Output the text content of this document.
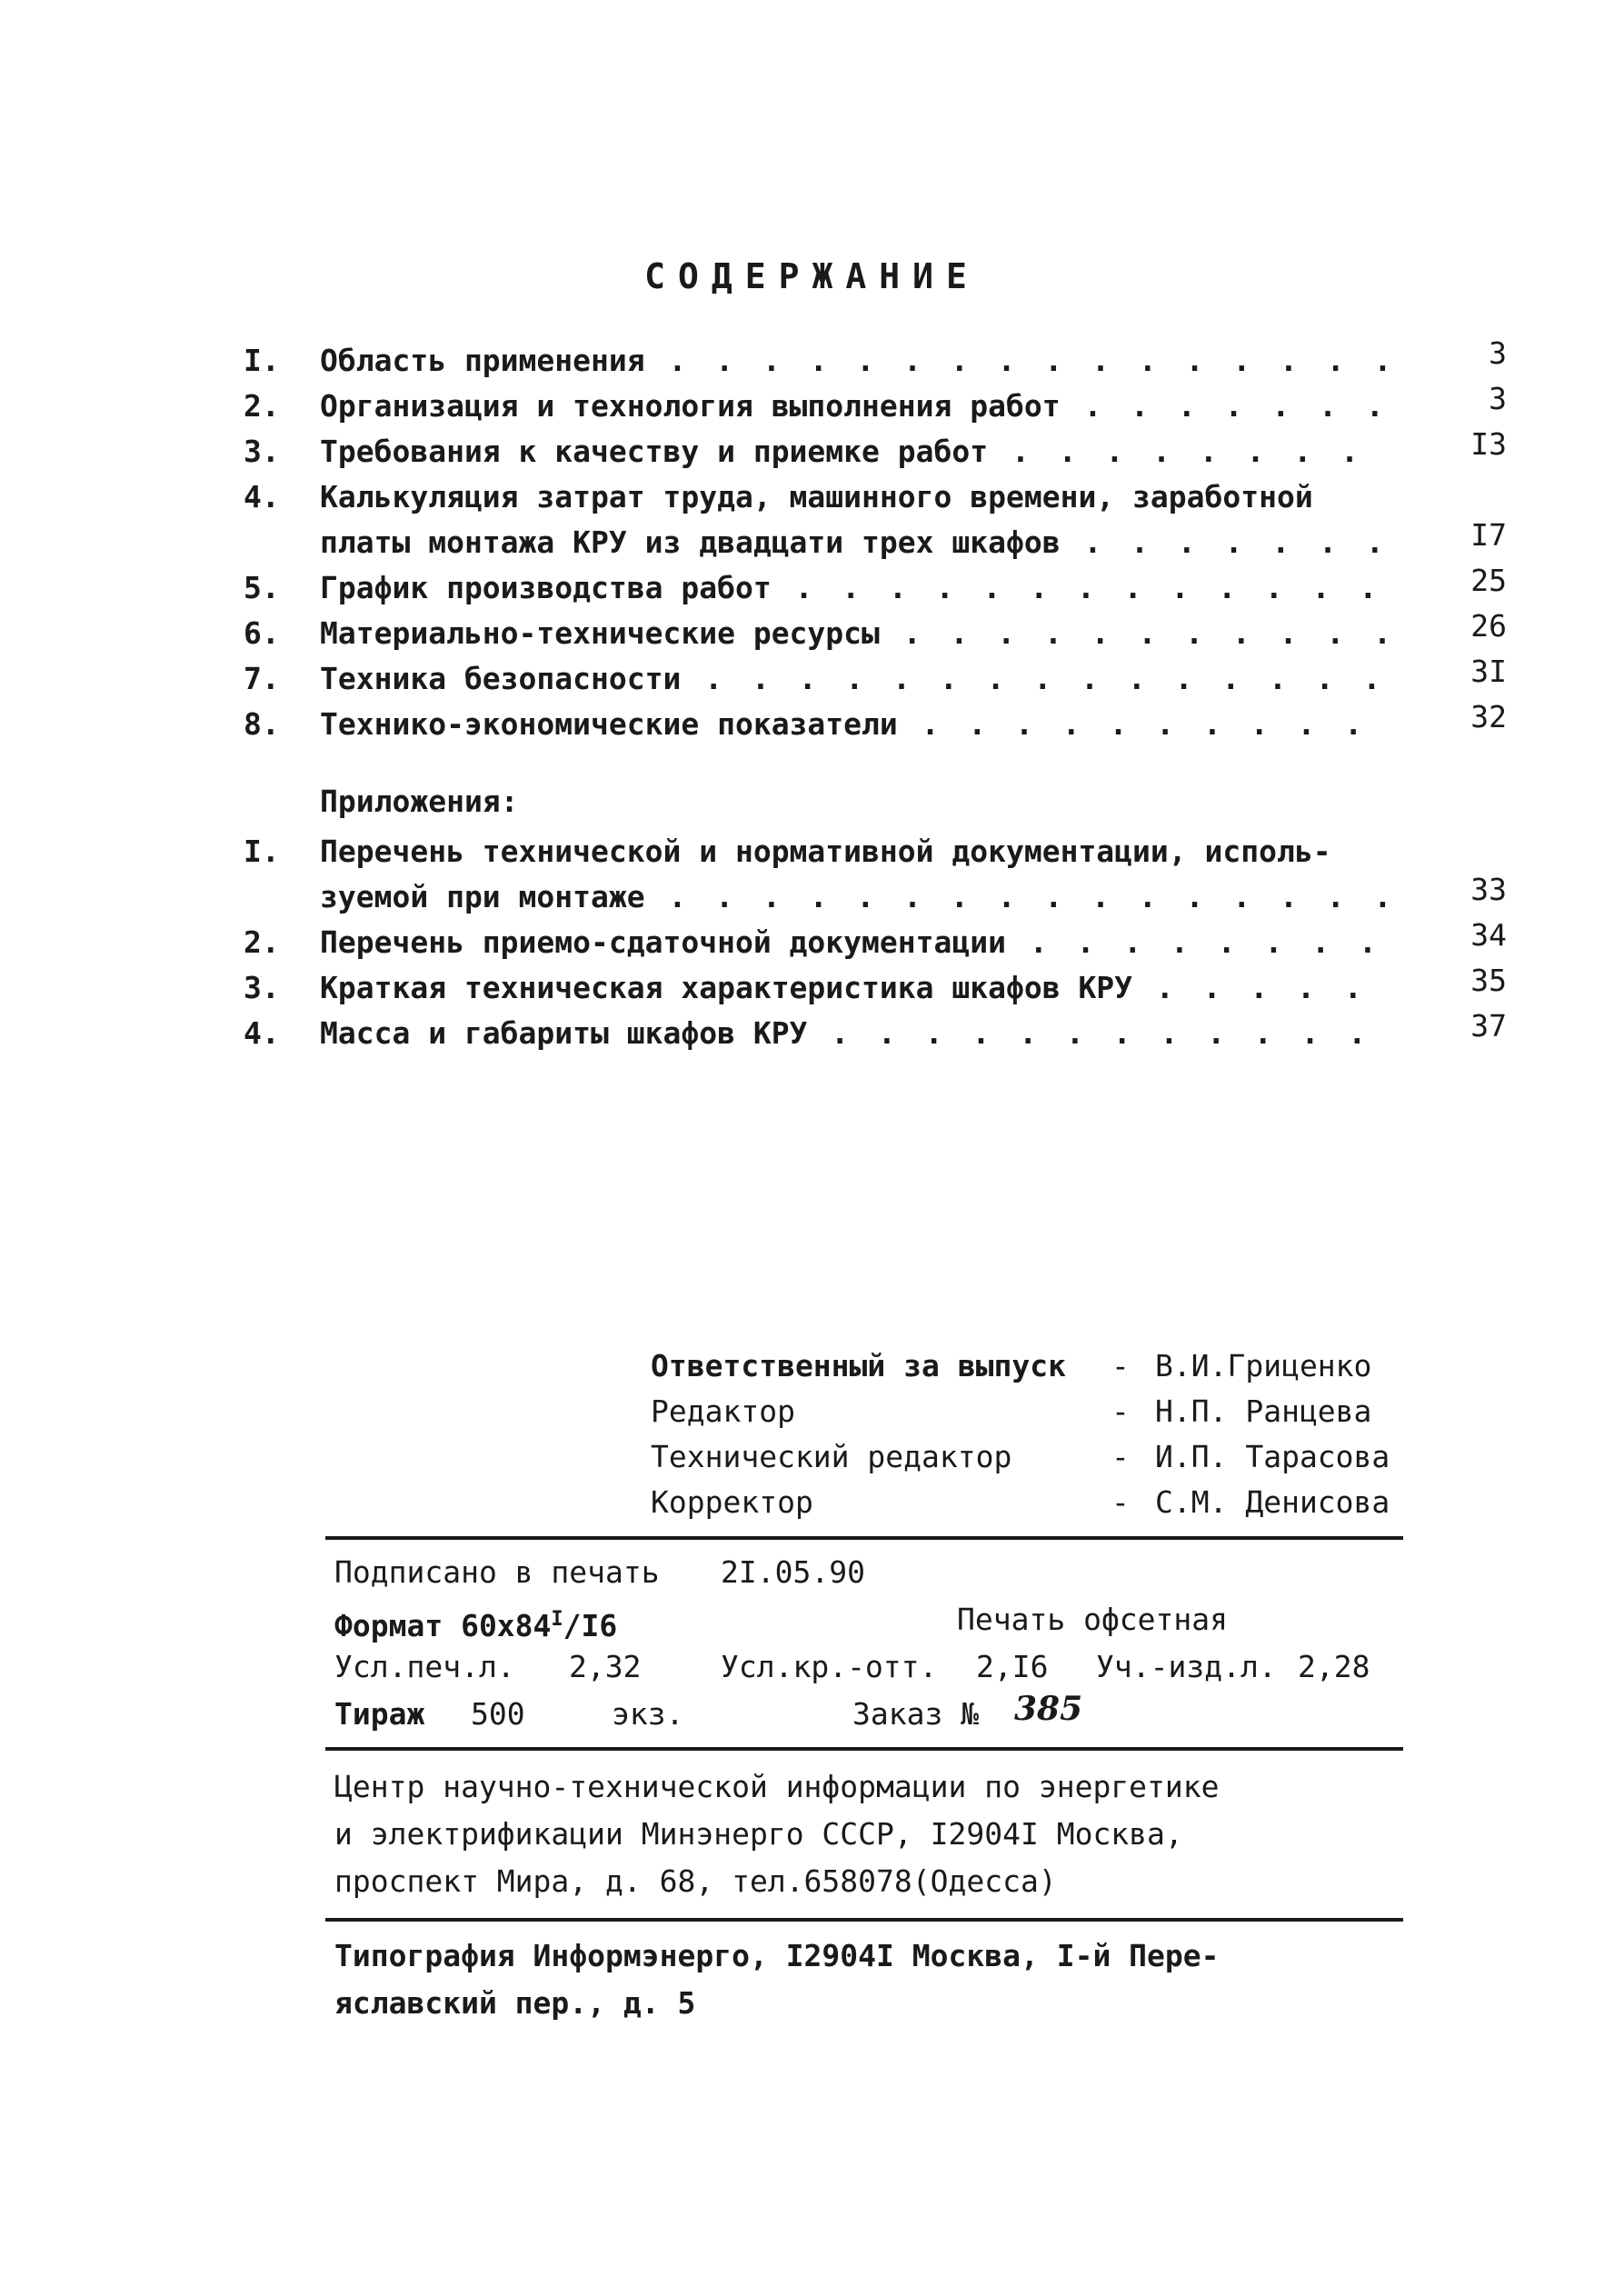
СОДЕРЖАНИЕ
I.	Область применения . . .	3
2.	Организация и технология выполнения работ . . .	3
3.	Требования к качеству и приемке работ . . .	I3
4.	Калькуляция затрат труда, машинного времени, заработной
платы монтажа КРУ из двадцати трех шкафов . . .	I7
5.	График производства работ . . .	25
6.	Материально-технические ресурсы . . .	26
7.	Техника безопасности . . .	3I
8.	Технико-экономические показатели . . .	32
Приложения:
I.	Перечень технической и нормативной документации, исполь-
зуемой при монтаже . . .	33
2.	Перечень приемо-сдаточной документации . . .	34
3.	Краткая техническая характеристика шкафов КРУ . . .	35
4.	Масса и габариты шкафов КРУ . . .	37
Ответственный за выпуск - В.И.Гриценко
Редактор	- Н.П. Ранцева
Технический редактор	- И.П. Тарасова
Корректор	- С.М. Денисова
Подписано в печать 2I.05.90
Формат $60x84^I/I6$	Печать офсетная
Усл.печ.л. 2,32	Усл.кр.-отт. 2,I6 Уч.-изд.л. 2,28
Тираж 500	экз.	Заказ № 385
Центр научно-технической информации по энергетике
и электрификации Минэнерго СССР, I2904I Москва,
проспект Мира, д. 68, тел.658078(Одесса)
Типография Информэнерго, I2904I Москва, I-й Пере-
яславский пер., д. 5
